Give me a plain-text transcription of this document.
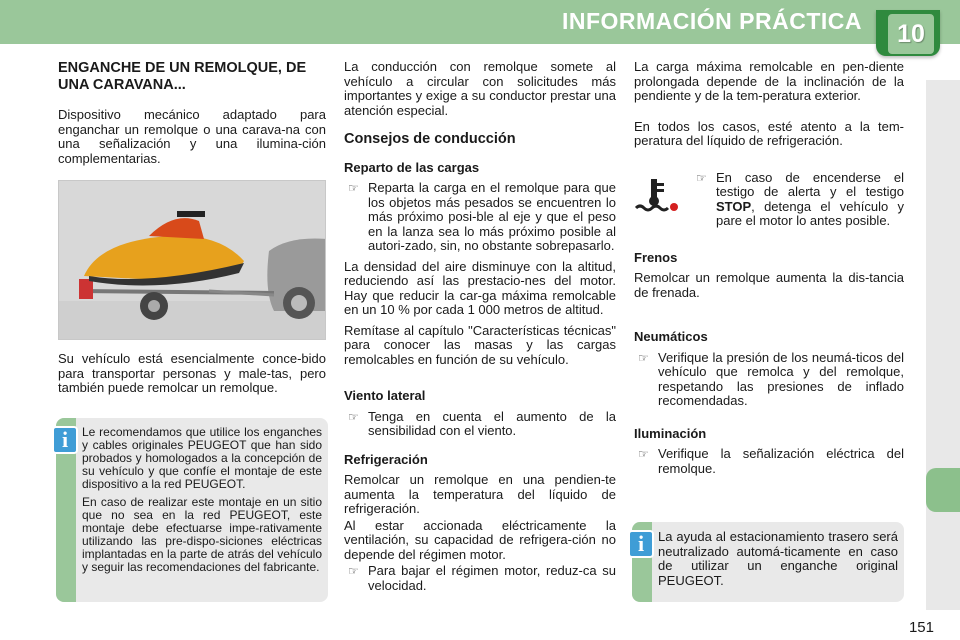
INFORMACIÓN PRÁCTICA	10
ENGANCHE DE UN REMOLQUE, DE UNA CARAVANA...
Dispositivo mecánico adaptado para enganchar un remolque o una carava-na con una señalización y una ilumina-ción complementarias.
Su vehículo está esencialmente conce-bido para transportar personas y male-tas, pero también puede remolcar un remolque.
i	Le recomendamos que utilice los enganches y cables originales PEUGEOT que han sido probados y homologados a la concepción de su vehículo y que confíe el montaje de este dispositivo a la red PEUGEOT.

En caso de realizar este montaje en un sitio que no sea en la red PEUGEOT, este montaje debe efectuarse impe-rativamente utilizando las pre-dispo-siciones eléctricas implantadas en la parte de atrás del vehículo y seguir las recomendaciones del fabricante.

La conducción con remolque somete al vehículo a circular con solicitudes más importantes y exige a su conductor prestar una atención especial.
Consejos de conducción
Reparto de las cargas
☞ Reparta la carga en el remolque para que los objetos más pesados se encuentren lo más próximo posi-ble al eje y que el peso en la lanza sea lo más próximo posible al autori-zado, sin, no obstante sobrepasarlo.
La densidad del aire disminuye con la altitud, reduciendo así las prestacio-nes del motor. Hay que reducir la car-ga máxima remolcable en un 10 % por cada 1 000 metros de altitud.
Remítase al capítulo "Características técnicas" para conocer las masas y las cargas remolcables en función de su vehículo.
Viento lateral
☞ Tenga en cuenta el aumento de la sensibilidad con el viento.
Refrigeración
Remolcar un remolque en una pendien-te aumenta la temperatura del líquido de refrigeración.
Al estar accionada eléctricamente la ventilación, su capacidad de refrigera-ción no depende del régimen motor.
☞ Para bajar el régimen motor, reduz-ca su velocidad.
La carga máxima remolcable en pen-diente prolongada depende de la inclinación de la pendiente y de la tem-peratura exterior.
En todos los casos, esté atento a la tem-peratura del líquido de refrigeración.
☞ En caso de encenderse el testigo de alerta y el testigo STOP, detenga el vehículo y pare el motor lo antes posible.
Frenos
Remolcar un remolque aumenta la dis-tancia de frenada.
Neumáticos
☞ Verifique la presión de los neumá-ticos del vehículo que remolca y del remolque, respetando las presiones de inflado recomendadas.
Iluminación
☞ Verifique la señalización eléctrica del remolque.
i	La ayuda al estacionamiento trasero será neutralizado automá-ticamente en caso de utilizar un enganche original PEUGEOT.
151
